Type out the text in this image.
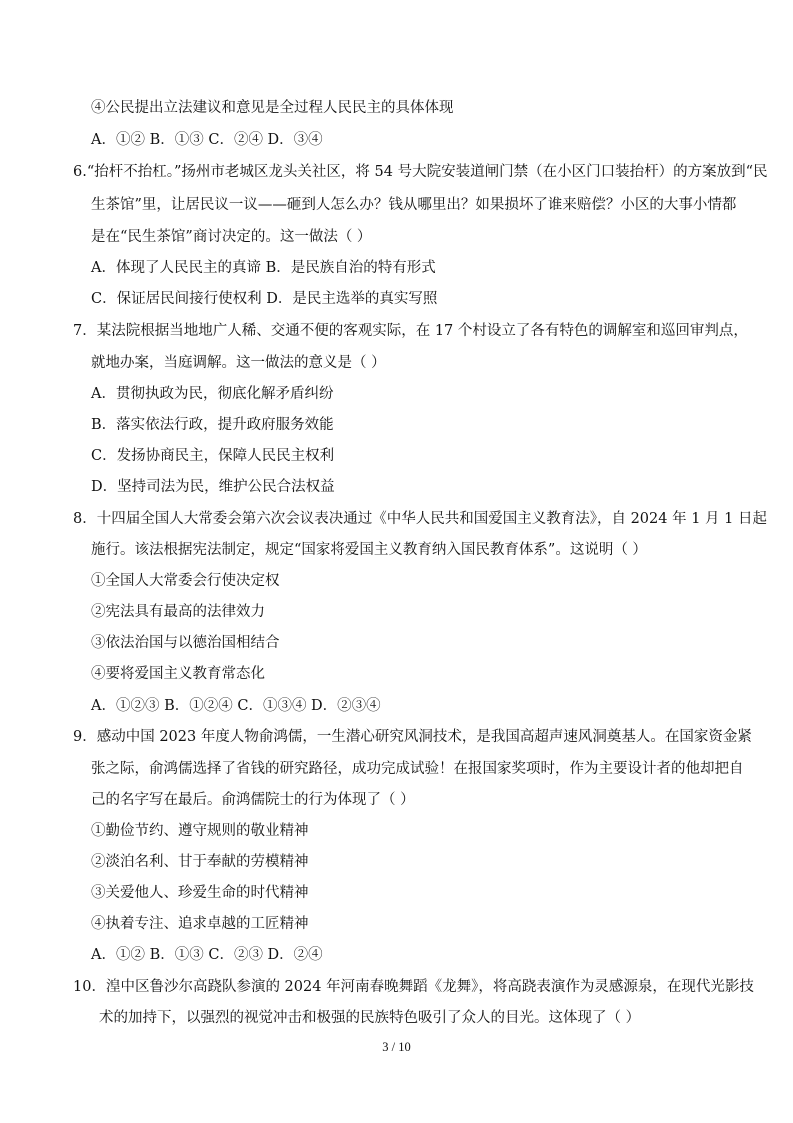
④公民提出立法建议和意见是全过程人民民主的具体体现
A．①② B．①③ C．②④ D．③④
6.“抬杆不抬杠。”扬州市老城区龙头关社区，将 54 号大院安装道闸门禁（在小区门口装抬杆）的方案放到“民
生茶馆”里，让居民议一议——砸到人怎么办？钱从哪里出？如果损坏了谁来赔偿？小区的大事小情都
是在“民生茶馆”商讨决定的。这一做法（ ）
A．体现了人民民主的真谛 B．是民族自治的特有形式
C．保证居民间接行使权利 D．是民主选举的真实写照
7．某法院根据当地地广人稀、交通不便的客观实际，在 17 个村设立了各有特色的调解室和巡回审判点，
就地办案，当庭调解。这一做法的意义是（ ）
A．贯彻执政为民，彻底化解矛盾纠纷
B．落实依法行政，提升政府服务效能
C．发扬协商民主，保障人民民主权利
D．坚持司法为民，维护公民合法权益
8．十四届全国人大常委会第六次会议表决通过《中华人民共和国爱国主义教育法》，自 2024 年 1 月 1 日起
施行。该法根据宪法制定，规定“国家将爱国主义教育纳入国民教育体系”。这说明（ ）
①全国人大常委会行使决定权
②宪法具有最高的法律效力
③依法治国与以德治国相结合
④要将爱国主义教育常态化
A．①②③ B．①②④ C．①③④ D．②③④
9．感动中国 2023 年度人物俞鸿儒，一生潜心研究风洞技术，是我国高超声速风洞奠基人。在国家资金紧
张之际，俞鸿儒选择了省钱的研究路径，成功完成试验！在报国家奖项时，作为主要设计者的他却把自
己的名字写在最后。俞鸿儒院士的行为体现了（ ）
①勤俭节约、遵守规则的敬业精神
②淡泊名利、甘于奉献的劳模精神
③关爱他人、珍爱生命的时代精神
④执着专注、追求卓越的工匠精神
A．①② B．①③ C．②③ D．②④
10．湟中区鲁沙尔高跷队参演的 2024 年河南春晚舞蹈《龙舞》，将高跷表演作为灵感源泉，在现代光影技
术的加持下，以强烈的视觉冲击和极强的民族特色吸引了众人的目光。这体现了（ ）
3 / 10
